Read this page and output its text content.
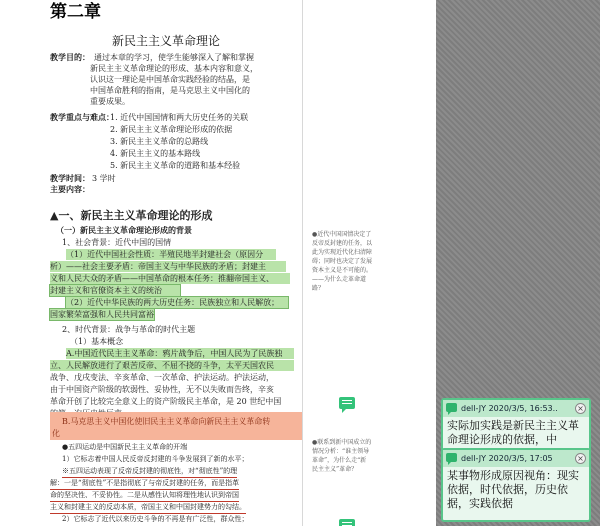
第二章
新民主主义革命理论
教学目的： 通过本章的学习，使学生能够深入了解和掌握
新民主主义革命理论的形成、基本内容和意义，
认识这一理论是中国革命实践经验的结晶，是
中国革命胜利的指南，是马克思主义中国化的
重要成果。
教学重点与难点：
1. 近代中国国情和两大历史任务的关联
2. 新民主主义革命理论形成的依据
3. 新民主主义革命的总路线
4. 新民主主义的基本路线
5. 新民主主义革命的道路和基本经验
教学时间： 3 学时
主要内容：
▲一、新民主主义革命理论的形成
（一）新民主主义革命理论形成的背景
1、社会背景：近代中国的国情
（1）近代中国社会性质：半殖民地半封建社会（原因分
析）——社会主要矛盾：帝国主义与中华民族的矛盾；封建主
义和人民大众的矛盾——中国革命的根本任务：推翻帝国主义、
封建主义和官僚资本主义的统治
（2）近代中华民族的两大历史任务：民族独立和人民解放；
国家繁荣富强和人民共同富裕
2、时代背景：战争与革命的时代主题
（1）基本概念
A.中国近代民主主义革命：鸦片战争后，中国人民为了民族独
立、人民解放进行了艰苦反帝、不屈不挠的斗争，太平天国农民
战争、戊戌变法、辛亥革命、一次革命、护法运动。护法运动，
由于中国资产阶级的软弱性、妥协性，无不以失败而告终，辛亥
革命开创了比较完全意义上的资产阶级民主革命，是 20 世纪中国
B.马克思主义中国化使旧民主主义革命向新民主主义革命转
化
●五四运动是中国新民主主义革命的开端
1）它标志着中国人民反帝反封建的斗争发展到了新的水平；
※五四运动表现了反帝反封建的彻底性，对“彻底性”的理
解：一是“彻底性”不是指彻底了与帝反封建的任务，而是指革
命的坚决性、不妥协性。二是从感性认知将理性地认识到帝国
主义和封建主义的反动本质，帝国主义和中国封建势力的勾结。
2）它标志了近代以来历史斗争的不再是有广泛性，群众性；
●近代中国国情决定了反帝反封建的任务，以此为实现近代化扫清障碍；同时也决定了发展资本主义是不可能的。——为什么走革命道路？
●联系到新中国成立的情况分析：“谁主领导革命”，为什么走“新民主主义”革命？
dell-JY 2020/3/5, 16:53.. ×
实际加实践是新民主主义革命理论形成的依据，中
dell-JY 2020/3/5, 17:05	×
某事物形成原因视角：现实依据，时代依据，历史依据，实践依据
